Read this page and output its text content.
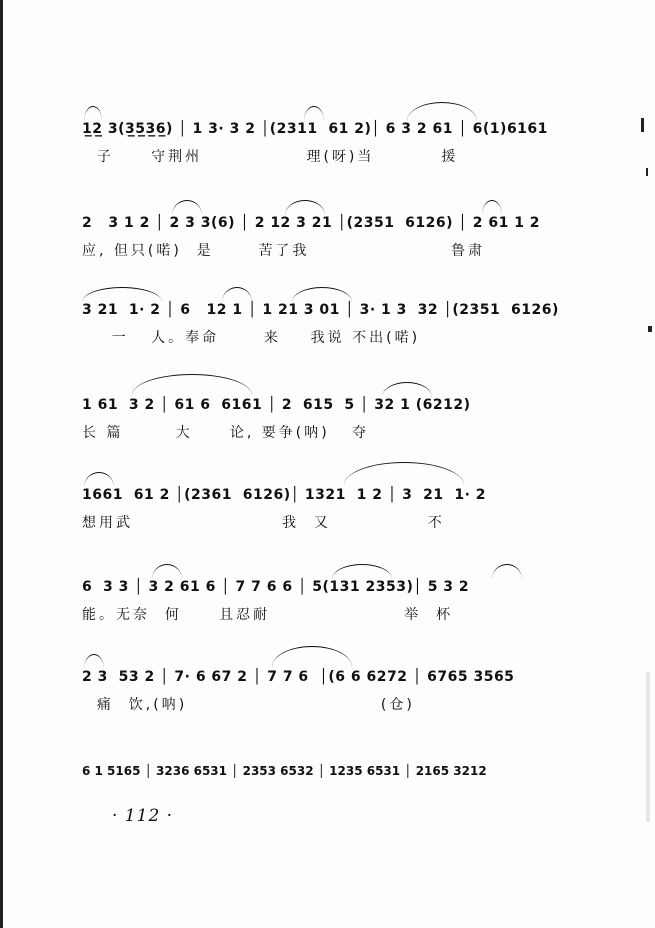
1̲2̲ 3(3̲5̲3̲6̲) │ 1 3· 3 2 │(2311  61 2)│ 6 3 2 61 │ 6(1)6161
子     守荆州              理(呀)当         援
2   3 1 2 │ 2 3 3(6) │ 2 12 3 21 │(2351  6126) │ 2 61 1 2
应, 但只(喏)  是      苦了我                   鲁肃
3 21  1· 2 │ 6   12 1 │ 1 21 3 01 │ 3· 1 3  32 │(2351  6126)
一   人。奉命      来    我说 不出(喏)
1 61  3 2 │ 61 6  6161 │ 2  615  5 │ 32 1 (6212)
长 篇       大     论, 要争(呐)   夺
1661  61 2 │(2361  6126)│ 1321  1 2 │ 3  21  1· 2
想用武                    我  又             不
6  3 3 │ 3 2 61 6 │ 7 7 6 6 │ 5(131 2353)│ 5 3 2
能。无奈  何     且忍耐                  举  杯
2 3  53 2 │ 7· 6 67 2 │ 7 7 6  │(6 6 6272 │ 6765 3565
痛  饮,(呐)                          (仓)
6 1 5165 │ 3236 6531 │ 2353 6532 │ 1235 6531 │ 2165 3212
· 112 ·
